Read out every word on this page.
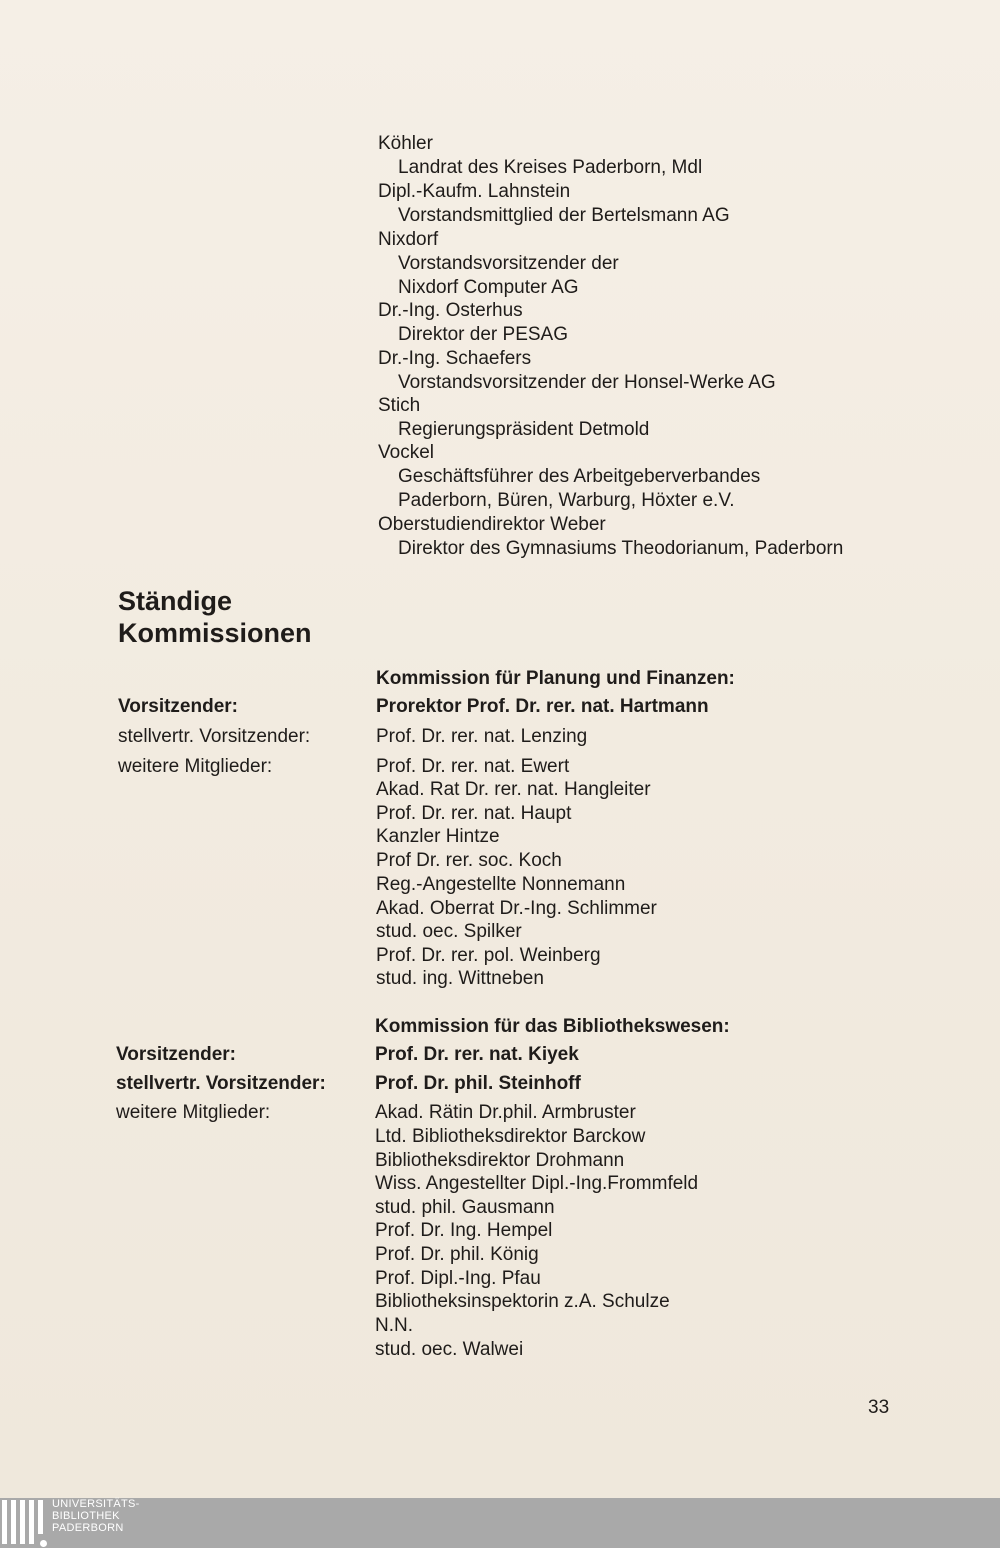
Köhler
Landrat des Kreises Paderborn, Mdl
Dipl.-Kaufm. Lahnstein
Vorstandsmittglied der Bertelsmann AG
Nixdorf
Vorstandsvorsitzender der
Nixdorf Computer AG
Dr.-Ing. Osterhus
Direktor der PESAG
Dr.-Ing. Schaefers
Vorstandsvorsitzender der Honsel-Werke AG
Stich
Regierungspräsident Detmold
Vockel
Geschäftsführer des Arbeitgeberverbandes
Paderborn, Büren, Warburg, Höxter e.V.
Oberstudiendirektor Weber
Direktor des Gymnasiums Theodorianum, Paderborn
Ständige
Kommissionen
Kommission für Planung und Finanzen:
Vorsitzender:	Prorektor Prof. Dr. rer. nat. Hartmann
stellvertr. Vorsitzender:	Prof. Dr. rer. nat. Lenzing
weitere Mitglieder:	Prof. Dr. rer. nat. Ewert
Akad. Rat Dr. rer. nat. Hangleiter
Prof. Dr. rer. nat. Haupt
Kanzler Hintze
Prof Dr. rer. soc. Koch
Reg.-Angestellte Nonnemann
Akad. Oberrat Dr.-Ing. Schlimmer
stud. oec. Spilker
Prof. Dr. rer. pol. Weinberg
stud. ing. Wittneben
Kommission für das Bibliothekswesen:
Vorsitzender:	Prof. Dr. rer. nat. Kiyek
stellvertr. Vorsitzender:	Prof. Dr. phil. Steinhoff
weitere Mitglieder:	Akad. Rätin Dr.phil. Armbruster
Ltd. Bibliotheksdirektor Barckow
Bibliotheksdirektor Drohmann
Wiss. Angestellter Dipl.-Ing.Frommfeld
stud. phil. Gausmann
Prof. Dr. Ing. Hempel
Prof. Dr. phil. König
Prof. Dipl.-Ing. Pfau
Bibliotheksinspektorin z.A. Schulze
N.N.
stud. oec. Walwei
33
UNIVERSITÄTS-
BIBLIOTHEK
PADERBORN
